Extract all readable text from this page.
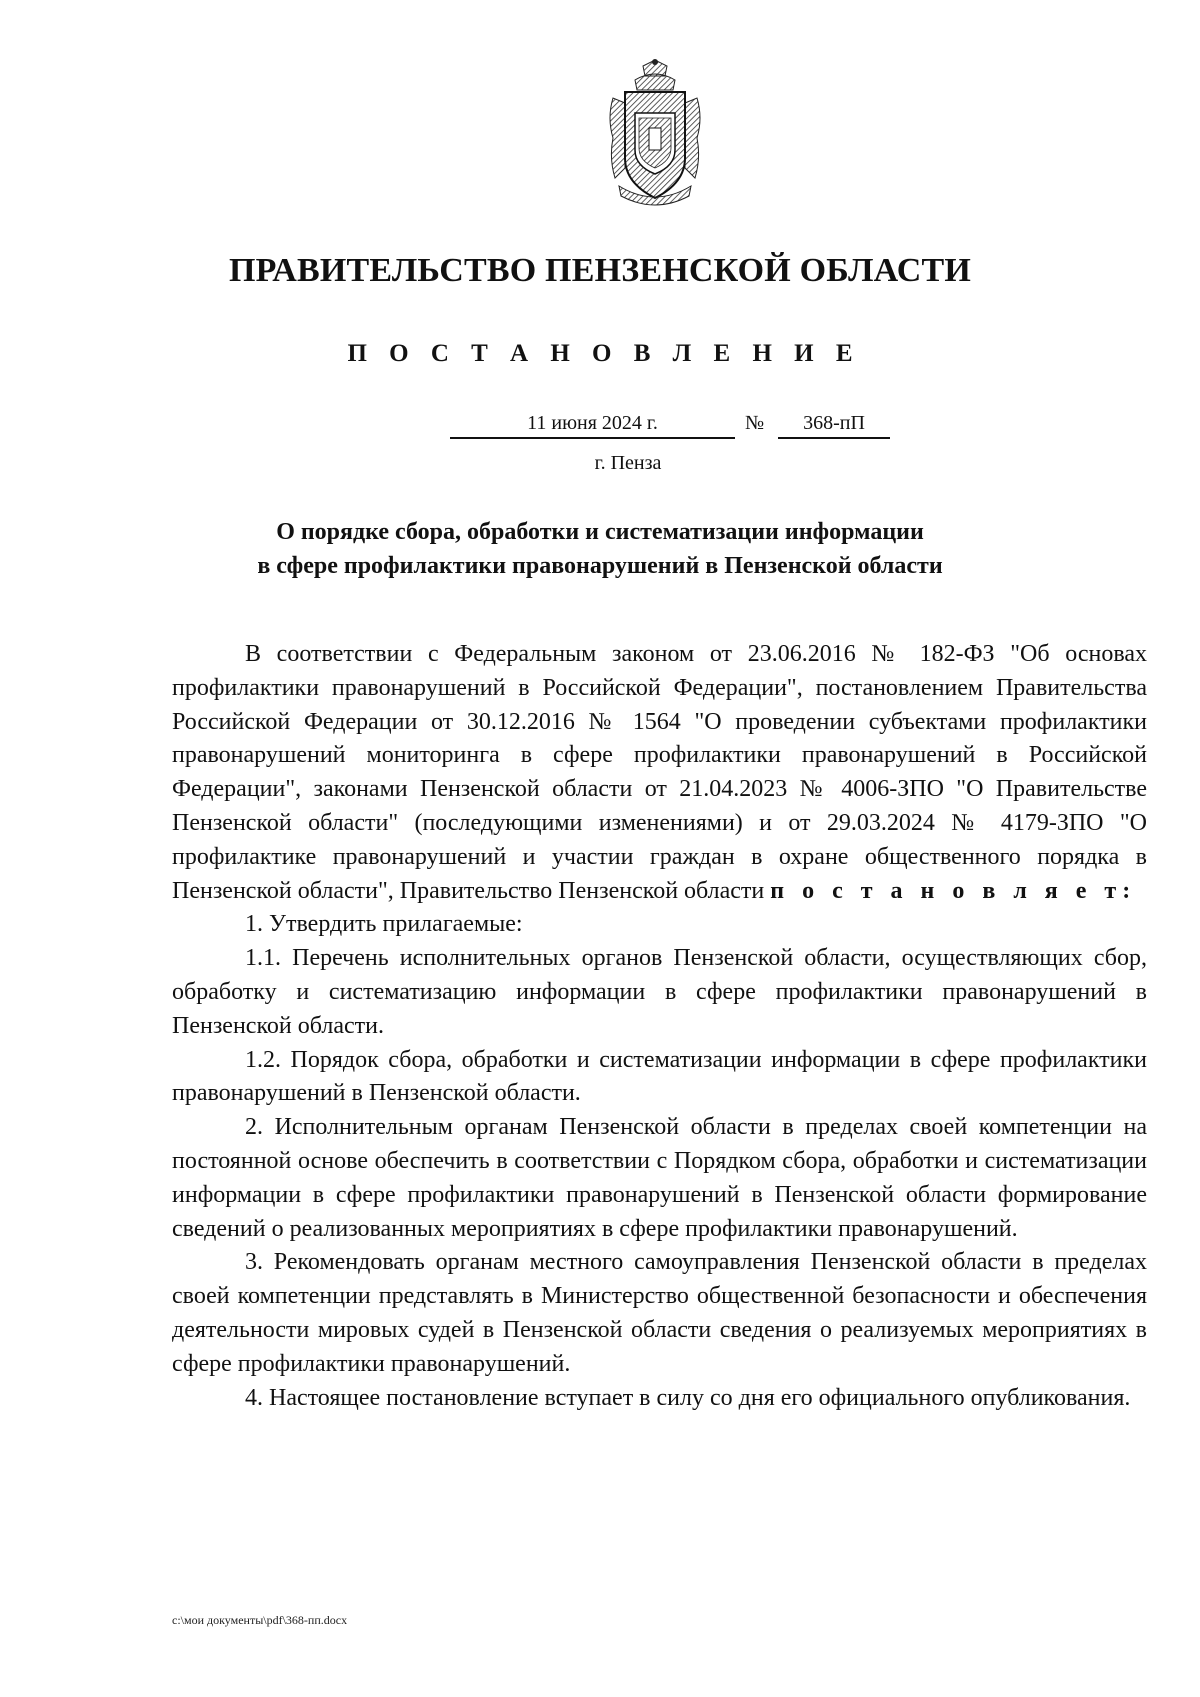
ПРАВИТЕЛЬСТВО ПЕНЗЕНСКОЙ ОБЛАСТИ
П О С Т А Н О В Л Е Н И Е
11 июня 2024 г.	№	368-пП
г. Пенза
О порядке сбора, обработки и систематизации информации
в сфере профилактики правонарушений в Пензенской области

В соответствии с Федеральным законом от 23.06.2016 № 182-ФЗ "Об основах профилактики правонарушений в Российской Федерации", постановлением Правительства Российской Федерации от 30.12.2016 № 1564 "О проведении субъектами профилактики правонарушений мониторинга в сфере профилактики правонарушений в Российской Федерации", законами Пензенской области от 21.04.2023 № 4006-ЗПО "О Правительстве Пензенской области" (последующими изменениями) и от 29.03.2024 № 4179-ЗПО "О профилактике правонарушений и участии граждан в охране общественного порядка в Пензенской области", Правительство Пензенской области п о с т а н о в л я е т:

1. Утвердить прилагаемые:

1.1. Перечень исполнительных органов Пензенской области, осуществляющих сбор, обработку и систематизацию информации в сфере профилактики правонарушений в Пензенской области.

1.2. Порядок сбора, обработки и систематизации информации в сфере профилактики правонарушений в Пензенской области.

2. Исполнительным органам Пензенской области в пределах своей компетенции на постоянной основе обеспечить в соответствии с Порядком сбора, обработки и систематизации информации в сфере профилактики правонарушений в Пензенской области формирование сведений о реализованных мероприятиях в сфере профилактики правонарушений.

3. Рекомендовать органам местного самоуправления Пензенской области в пределах своей компетенции представлять в Министерство общественной безопасности и обеспечения деятельности мировых судей в Пензенской области сведения о реализуемых мероприятиях в сфере профилактики правонарушений.

4. Настоящее постановление вступает в силу со дня его официального опубликования.

c:\мои документы\pdf\368-пп.docx
